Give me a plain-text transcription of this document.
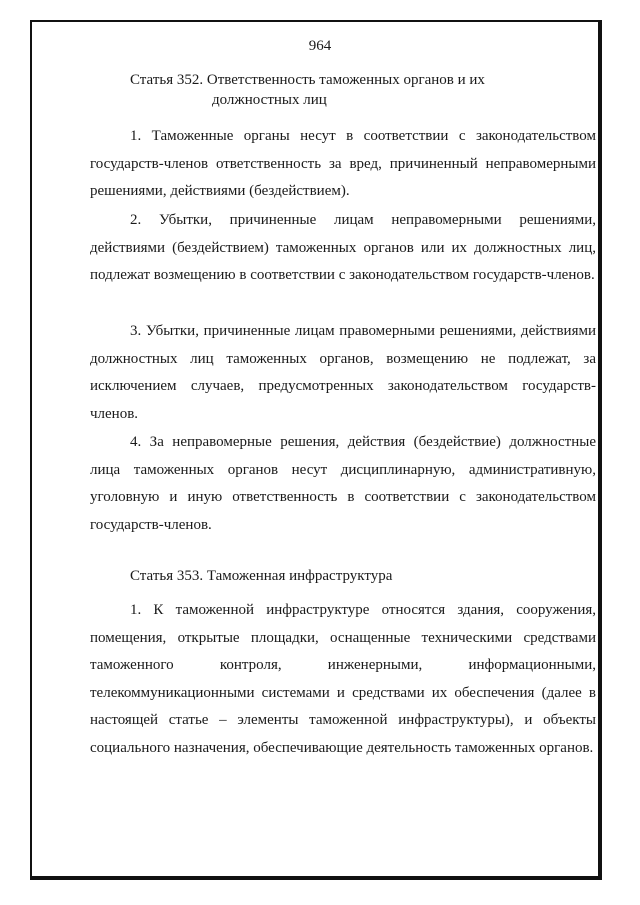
964
Статья 352. Ответственность таможенных органов и их
должностных лиц

1. Таможенные органы несут в соответствии с законодательством государств-членов ответственность за вред, причиненный неправомерными решениями, действиями (бездействием).

2. Убытки, причиненные лицам неправомерными решениями, действиями (бездействием) таможенных органов или их должностных лиц, подлежат возмещению в соответствии с законодательством государств-членов.

3. Убытки, причиненные лицам правомерными решениями, действиями должностных лиц таможенных органов, возмещению не подлежат, за исключением случаев, предусмотренных законодательством государств-членов.

4. За неправомерные решения, действия (бездействие) должностные лица таможенных органов несут дисциплинарную, административную, уголовную и иную ответственность в соответствии с законодательством государств-членов.

Статья 353. Таможенная инфраструктура

1. К таможенной инфраструктуре относятся здания, сооружения, помещения, открытые площадки, оснащенные техническими средствами таможенного контроля, инженерными, информационными, телекоммуникационными системами и средствами их обеспечения (далее в настоящей статье – элементы таможенной инфраструктуры), и объекты социального назначения, обеспечивающие деятельность таможенных органов.
